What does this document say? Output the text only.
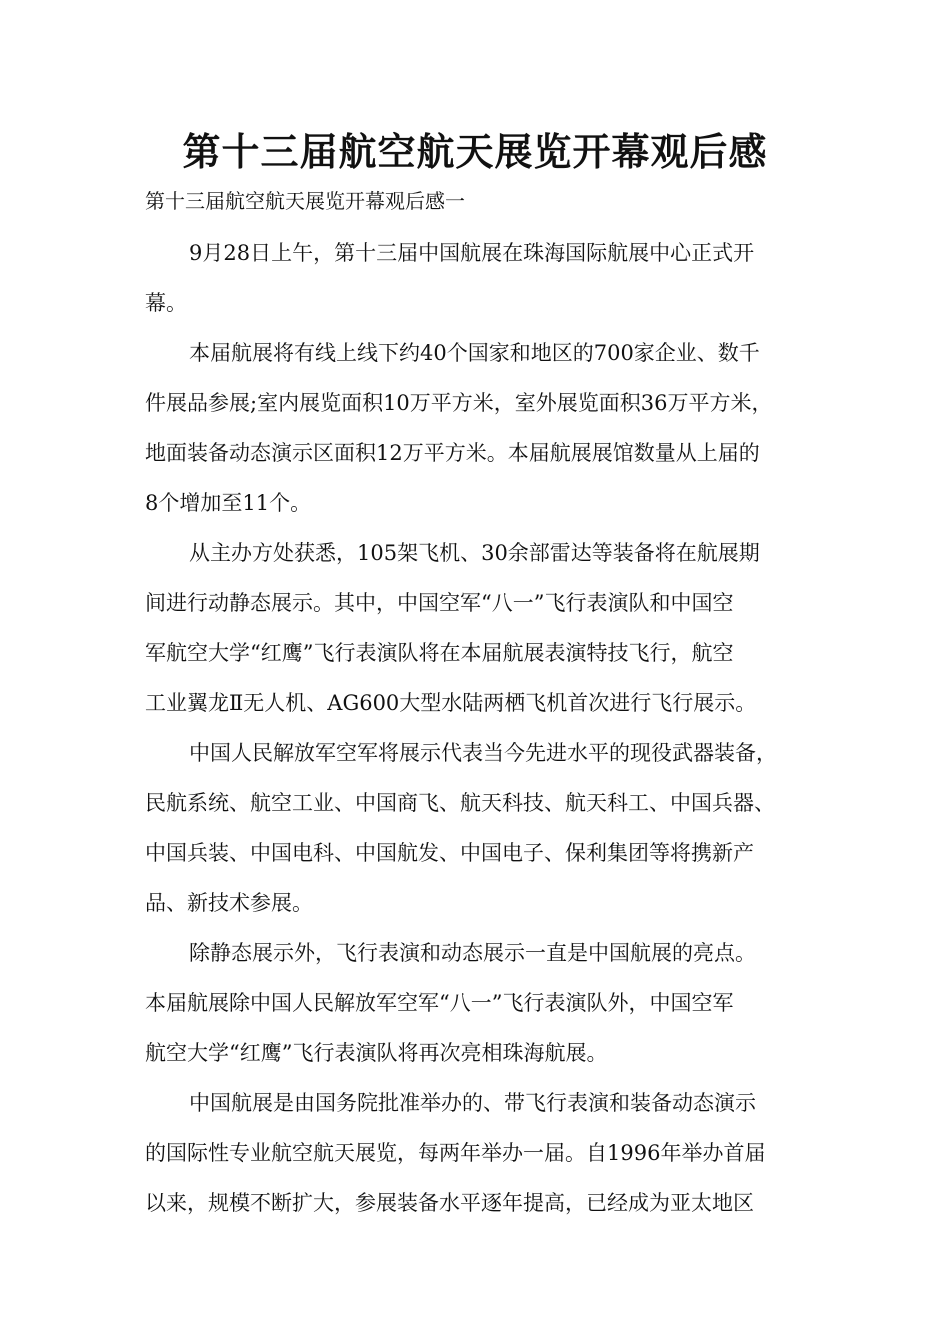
第十三届航空航天展览开幕观后感

第十三届航空航天展览开幕观后感一

9月28日上午，第十三届中国航展在珠海国际航展中心正式开
幕。
本届航展将有线上线下约40个国家和地区的700家企业、数千
件展品参展;室内展览面积10万平方米，室外展览面积36万平方米，
地面装备动态演示区面积12万平方米。本届航展展馆数量从上届的
8个增加至11个。
从主办方处获悉，105架飞机、30余部雷达等装备将在航展期
间进行动静态展示。其中，中国空军“八一”飞行表演队和中国空
军航空大学“红鹰”飞行表演队将在本届航展表演特技飞行，航空
工业翼龙Ⅱ无人机、AG600大型水陆两栖飞机首次进行飞行展示。
中国人民解放军空军将展示代表当今先进水平的现役武器装备，
民航系统、航空工业、中国商飞、航天科技、航天科工、中国兵器、
中国兵装、中国电科、中国航发、中国电子、保利集团等将携新产
品、新技术参展。
除静态展示外，飞行表演和动态展示一直是中国航展的亮点。
本届航展除中国人民解放军空军“八一”飞行表演队外，中国空军
航空大学“红鹰”飞行表演队将再次亮相珠海航展。
中国航展是由国务院批准举办的、带飞行表演和装备动态演示
的国际性专业航空航天展览，每两年举办一届。自1996年举办首届
以来，规模不断扩大，参展装备水平逐年提高，已经成为亚太地区
